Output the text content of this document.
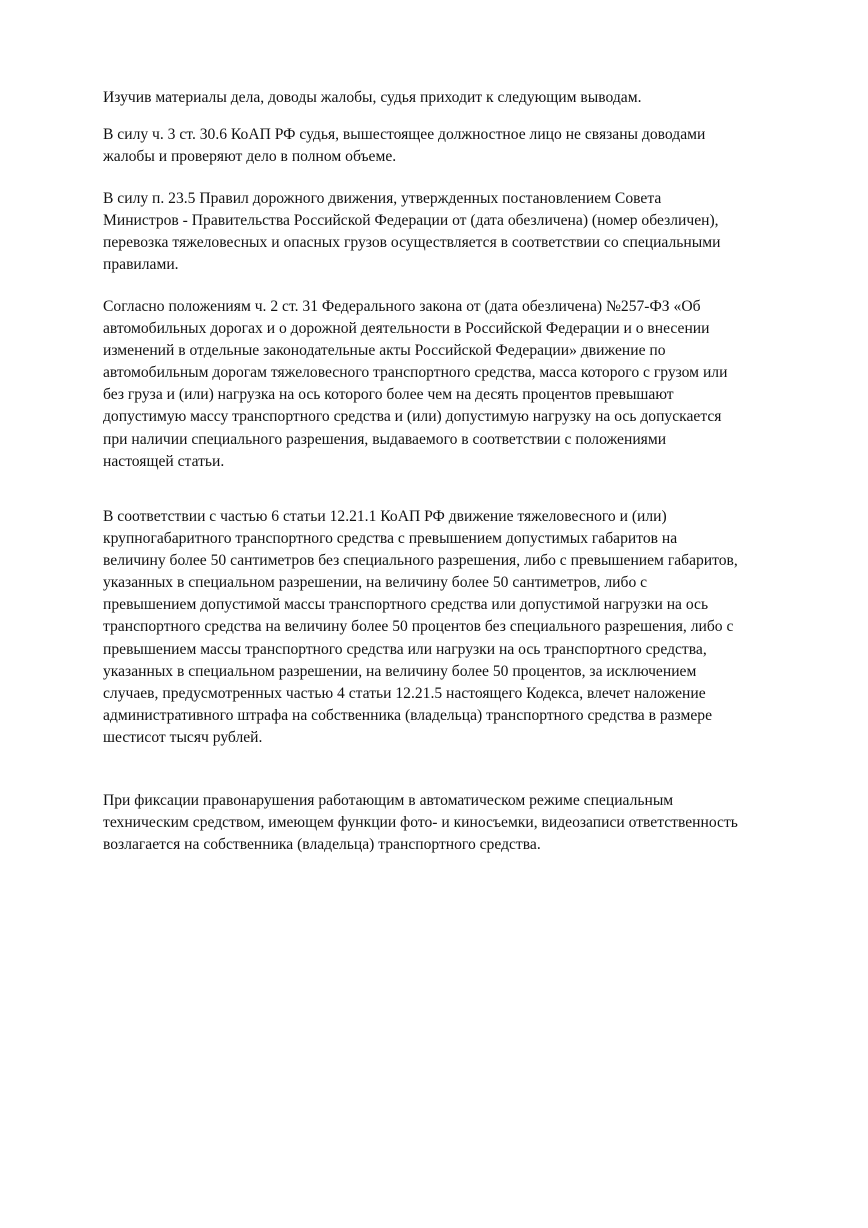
Изучив материалы дела, доводы жалобы, судья приходит к следующим выводам.

В силу ч. 3 ст. 30.6 КоАП РФ судья, вышестоящее должностное лицо не связаны доводами
жалобы и проверяют дело в полном объеме.

В силу п. 23.5 Правил дорожного движения, утвержденных постановлением Совета
Министров - Правительства Российской Федерации от (дата обезличена) (номер обезличен),
перевозка тяжеловесных и опасных грузов осуществляется в соответствии со специальными
правилами.

Согласно положениям ч. 2 ст. 31 Федерального закона от (дата обезличена) №257-ФЗ «Об
автомобильных дорогах и о дорожной деятельности в Российской Федерации и о внесении
изменений в отдельные законодательные акты Российской Федерации» движение по
автомобильным дорогам тяжеловесного транспортного средства, масса которого с грузом или
без груза и (или) нагрузка на ось которого более чем на десять процентов превышают
допустимую массу транспортного средства и (или) допустимую нагрузку на ось допускается
при наличии специального разрешения, выдаваемого в соответствии с положениями
настоящей статьи.

В соответствии с частью 6 статьи 12.21.1 КоАП РФ движение тяжеловесного и (или)
крупногабаритного транспортного средства с превышением допустимых габаритов на
величину более 50 сантиметров без специального разрешения, либо с превышением габаритов,
указанных в специальном разрешении, на величину более 50 сантиметров, либо с
превышением допустимой массы транспортного средства или допустимой нагрузки на ось
транспортного средства на величину более 50 процентов без специального разрешения, либо с
превышением массы транспортного средства или нагрузки на ось транспортного средства,
указанных в специальном разрешении, на величину более 50 процентов, за исключением
случаев, предусмотренных частью 4 статьи 12.21.5 настоящего Кодекса, влечет наложение
административного штрафа на собственника (владельца) транспортного средства в размере
шестисот тысяч рублей.

При фиксации правонарушения работающим в автоматическом режиме специальным
техническим средством, имеющем функции фото- и киносъемки, видеозаписи ответственность
возлагается на собственника (владельца) транспортного средства.
